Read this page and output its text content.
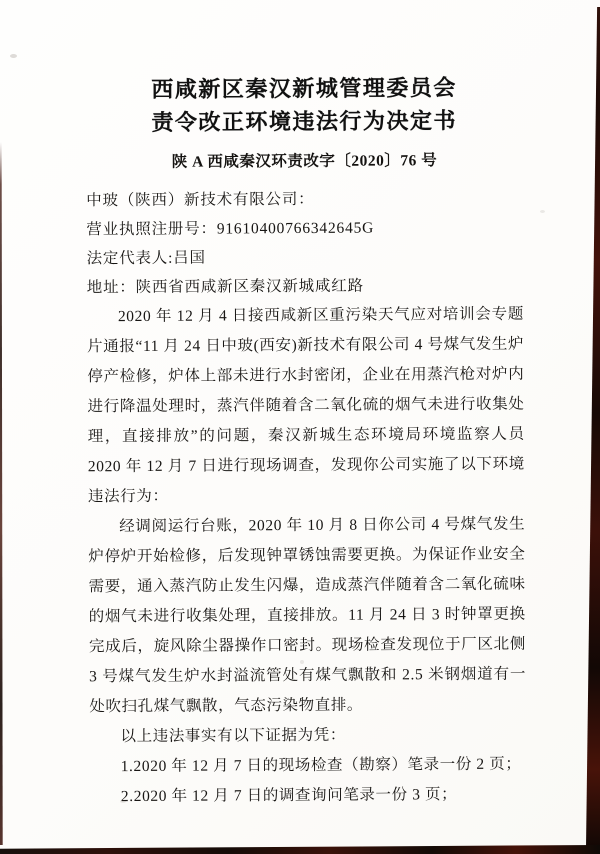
西咸新区秦汉新城管理委员会
责令改正环境违法行为决定书

陕 A 西咸秦汉环责改字〔2020〕76 号

中玻（陕西）新技术有限公司：

营业执照注册号：91610400766342645G

法定代表人:吕国

地址：陕西省西咸新区秦汉新城咸红路

2020 年 12 月 4 日接西咸新区重污染天气应对培训会专题片通报“11 月 24 日中玻(西安)新技术有限公司 4 号煤气发生炉停产检修，炉体上部未进行水封密闭，企业在用蒸汽枪对炉内进行降温处理时，蒸汽伴随着含二氧化硫的烟气未进行收集处理，直接排放”的问题，秦汉新城生态环境局环境监察人员 2020 年 12 月 7 日进行现场调查，发现你公司实施了以下环境违法行为：

经调阅运行台账，2020 年 10 月 8 日你公司 4 号煤气发生炉停炉开始检修，后发现钟罩锈蚀需要更换。为保证作业安全需要，通入蒸汽防止发生闪爆，造成蒸汽伴随着含二氧化硫味的烟气未进行收集处理，直接排放。11 月 24 日 3 时钟罩更换完成后，旋风除尘器操作口密封。现场检查发现位于厂区北侧 3 号煤气发生炉水封溢流管处有煤气飘散和 2.5 米钢烟道有一处吹扫孔煤气飘散，气态污染物直排。

以上违法事实有以下证据为凭：

1.2020 年 12 月 7 日的现场检查（勘察）笔录一份 2 页；

2.2020 年 12 月 7 日的调查询问笔录一份 3 页；
